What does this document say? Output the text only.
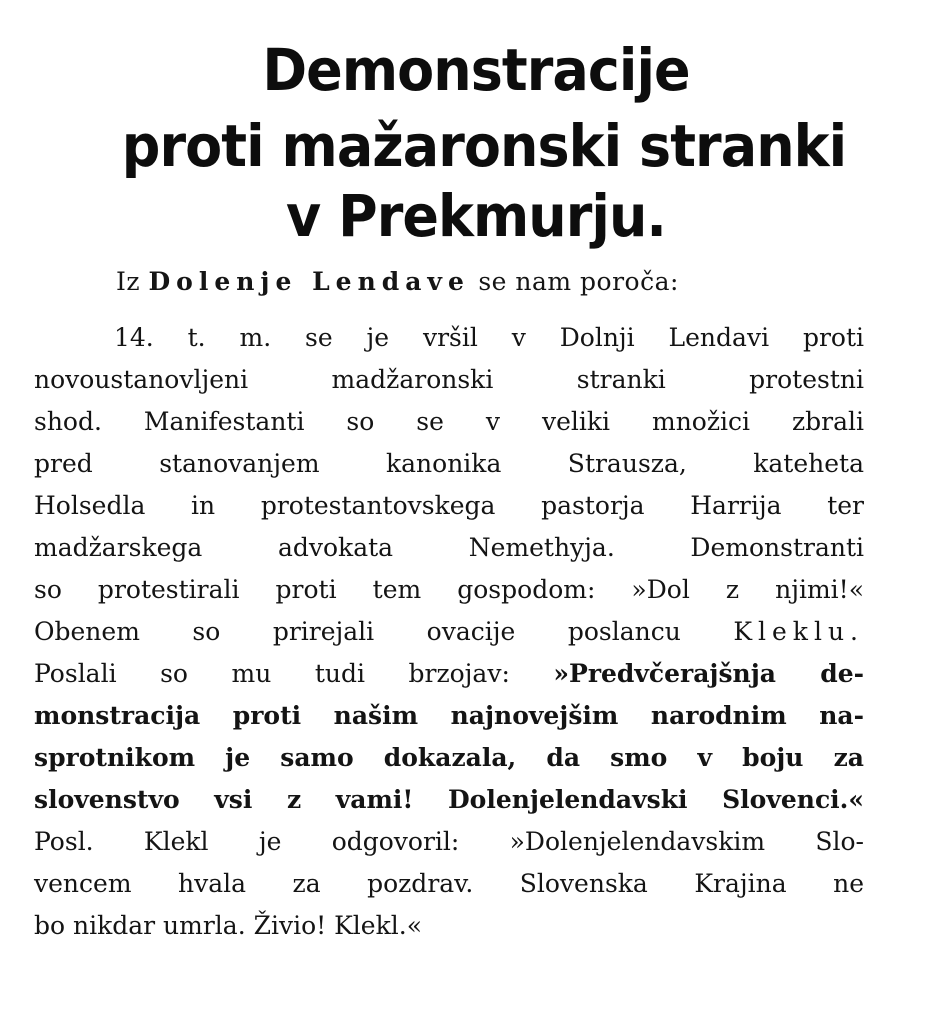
Demonstracije
proti mažaronski stranki
v Prekmurju.
Iz Dolenje Lendave se nam poroča:
14. t. m. se je vršil v Dolnji Lendavi proti
novoustanovljeni madžaronski stranki protestni
shod. Manifestanti so se v veliki množici zbrali
pred stanovanjem kanonika Strausza, kateheta
Holsedla in protestantovskega pastorja Harrija ter
madžarskega advokata Nemethyja. Demonstranti
so protestirali proti tem gospodom: »Dol z njimi!«
Obenem so prirejali ovacije poslancu Kleklu.
Poslali so mu tudi brzojav: »Predvčerajšnja de-
monstracija proti našim najnovejšim narodnim na-
sprotnikom je samo dokazala, da smo v boju za
slovenstvo vsi z vami! Dolenjelendavski Slovenci.«
Posl. Klekl je odgovoril: »Dolenjelendavskim Slo-
vencem hvala za pozdrav. Slovenska Krajina ne
bo nikdar umrla. Živio! Klekl.«
